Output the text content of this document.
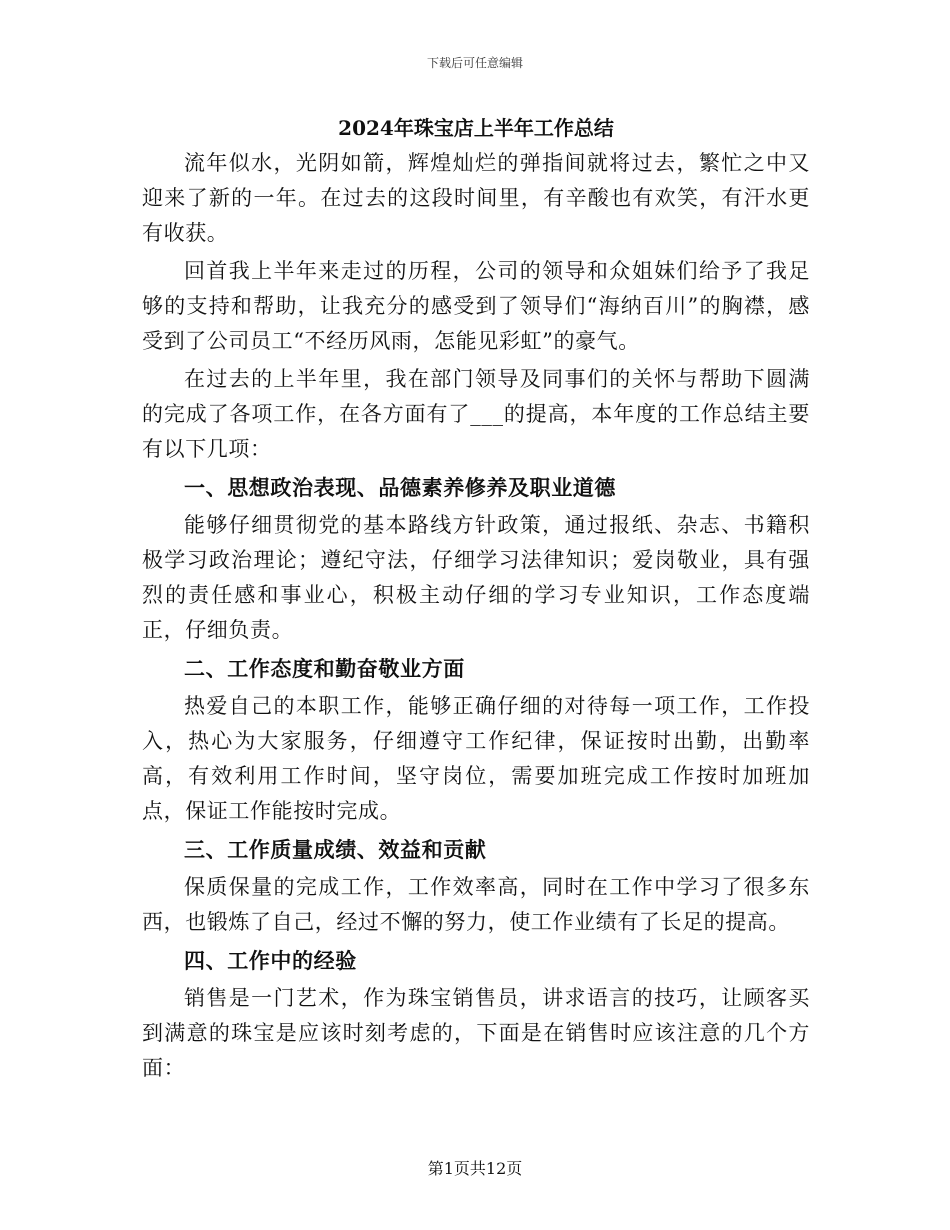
下载后可任意编辑
2024年珠宝店上半年工作总结

流年似水，光阴如箭，辉煌灿烂的弹指间就将过去，繁忙之中又迎来了新的一年。在过去的这段时间里，有辛酸也有欢笑，有汗水更有收获。

回首我上半年来走过的历程，公司的领导和众姐妹们给予了我足够的支持和帮助，让我充分的感受到了领导们“海纳百川”的胸襟，感受到了公司员工“不经历风雨，怎能见彩虹”的豪气。

在过去的上半年里，我在部门领导及同事们的关怀与帮助下圆满的完成了各项工作，在各方面有了___的提高，本年度的工作总结主要有以下几项：

一、思想政治表现、品德素养修养及职业道德

能够仔细贯彻党的基本路线方针政策，通过报纸、杂志、书籍积极学习政治理论；遵纪守法，仔细学习法律知识；爱岗敬业，具有强烈的责任感和事业心，积极主动仔细的学习专业知识，工作态度端正，仔细负责。

二、工作态度和勤奋敬业方面

热爱自己的本职工作，能够正确仔细的对待每一项工作，工作投入，热心为大家服务，仔细遵守工作纪律，保证按时出勤，出勤率高，有效利用工作时间，坚守岗位，需要加班完成工作按时加班加点，保证工作能按时完成。

三、工作质量成绩、效益和贡献

保质保量的完成工作，工作效率高，同时在工作中学习了很多东西，也锻炼了自己，经过不懈的努力，使工作业绩有了长足的提高。

四、工作中的经验

销售是一门艺术，作为珠宝销售员，讲求语言的技巧，让顾客买到满意的珠宝是应该时刻考虑的，下面是在销售时应该注意的几个方面：

第1页共12页
